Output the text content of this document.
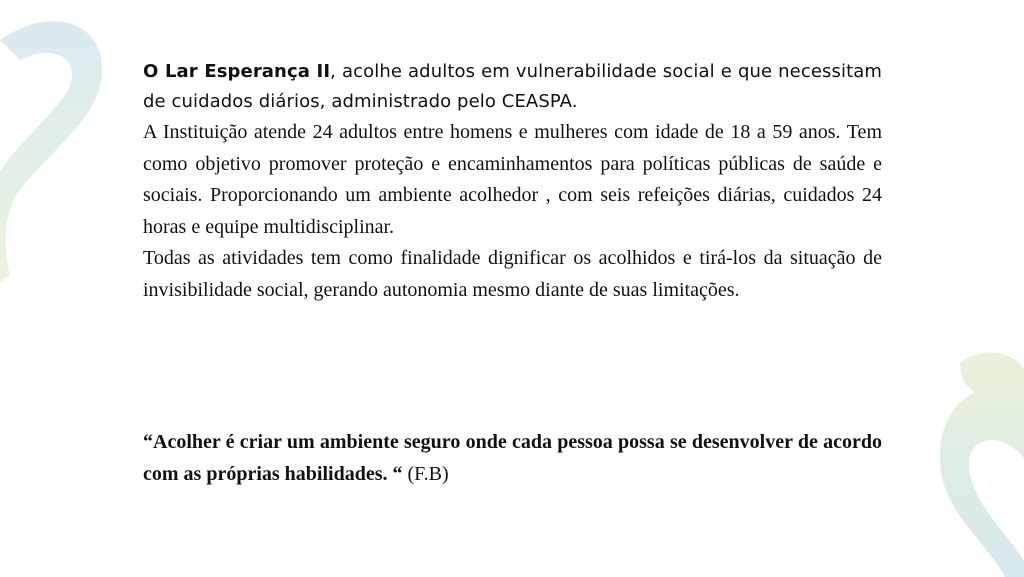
O Lar Esperança II, acolhe adultos em vulnerabilidade social e que necessitam de cuidados diários, administrado pelo CEASPA.

A Instituição atende 24 adultos entre homens e mulheres com idade de 18 a 59 anos. Tem como objetivo promover proteção e encaminhamentos para políticas públicas de saúde e sociais. Proporcionando um ambiente acolhedor , com seis refeições diárias, cuidados 24 horas e equipe multidisciplinar.

Todas as atividades tem como finalidade dignificar os acolhidos e tirá-los da situação de invisibilidade social, gerando autonomia mesmo diante de suas limitações.

“Acolher é criar um ambiente seguro onde cada pessoa possa se desenvolver de acordo com as próprias habilidades. “ (F.B)
